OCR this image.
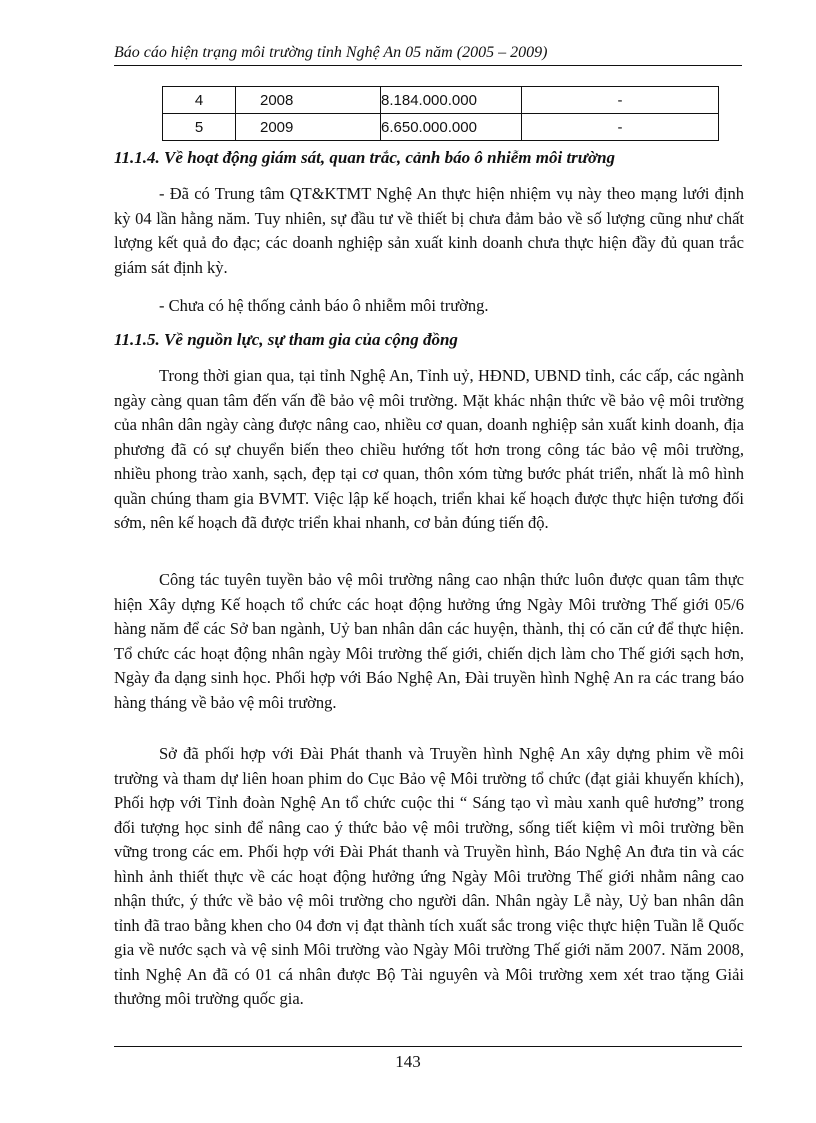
Báo cáo hiện trạng môi trường tỉnh Nghệ An 05 năm (2005 – 2009)
4	2008	8.184.000.000	-
5	2009	6.650.000.000	-
11.1.4. Về hoạt động giám sát, quan trắc, cảnh báo ô nhiễm môi trường

- Đã có Trung tâm QT&KTMT Nghệ An thực hiện nhiệm vụ này theo mạng lưới định kỳ 04 lần hằng năm. Tuy nhiên, sự đầu tư về thiết bị chưa đảm bảo về số lượng cũng như chất lượng kết quả đo đạc; các doanh nghiệp sản xuất kinh doanh chưa thực hiện đầy đủ quan trắc giám sát định kỳ.

- Chưa có hệ thống cảnh báo ô nhiễm môi trường.

11.1.5. Về nguồn lực, sự tham gia của cộng đồng

Trong thời gian qua, tại tỉnh Nghệ An, Tỉnh uỷ, HĐND, UBND tỉnh, các cấp, các ngành ngày càng quan tâm đến vấn đề bảo vệ môi trường. Mặt khác nhận thức về bảo vệ môi trường của nhân dân ngày càng được nâng cao, nhiều cơ quan, doanh nghiệp sản xuất kinh doanh, địa phương đã có sự chuyển biến theo chiều hướng tốt hơn trong công tác bảo vệ môi trường, nhiều phong trào xanh, sạch, đẹp tại cơ quan, thôn xóm từng bước phát triển, nhất là mô hình quần chúng tham gia BVMT. Việc lập kế hoạch, triển khai kế hoạch được thực hiện tương đối sớm, nên kế hoạch đã được triển khai nhanh, cơ bản đúng tiến độ.

Công tác tuyên tuyền bảo vệ môi trường nâng cao nhận thức luôn được quan tâm thực hiện Xây dựng Kế hoạch tổ chức các hoạt động hưởng ứng Ngày Môi trường Thế giới 05/6 hàng năm để các Sở ban ngành, Uỷ ban nhân dân các huyện, thành, thị có căn cứ để thực hiện. Tổ chức các hoạt động nhân ngày Môi trường thế giới, chiến dịch làm cho Thế giới sạch hơn, Ngày đa dạng sinh học. Phối hợp với Báo Nghệ An, Đài truyền hình Nghệ An ra các trang báo hàng tháng về bảo vệ môi trường.

Sở đã phối hợp với Đài Phát thanh và Truyền hình Nghệ An xây dựng phim về môi trường và tham dự liên hoan phim do Cục Bảo vệ Môi trường tổ chức (đạt giải khuyến khích), Phối hợp với Tỉnh đoàn Nghệ An tổ chức cuộc thi “ Sáng tạo vì màu xanh quê hương” trong đối tượng học sinh để nâng cao ý thức bảo vệ môi trường, sống tiết kiệm vì môi trường bền vững trong các em. Phối hợp với Đài Phát thanh và Truyền hình, Báo Nghệ An đưa tin và các hình ảnh thiết thực về các hoạt động hưởng ứng Ngày Môi trường Thế giới nhằm nâng cao nhận thức, ý thức về bảo vệ môi trường cho người dân. Nhân ngày Lễ này, Uỷ ban nhân dân tỉnh đã trao bằng khen cho 04 đơn vị đạt thành tích xuất sắc trong việc thực hiện Tuần lễ Quốc gia về nước sạch và vệ sinh Môi trường vào Ngày Môi trường Thế giới năm 2007. Năm 2008, tỉnh Nghệ An đã có 01 cá nhân được Bộ Tài nguyên và Môi trường xem xét trao tặng Giải thưởng môi trường quốc gia.

143
